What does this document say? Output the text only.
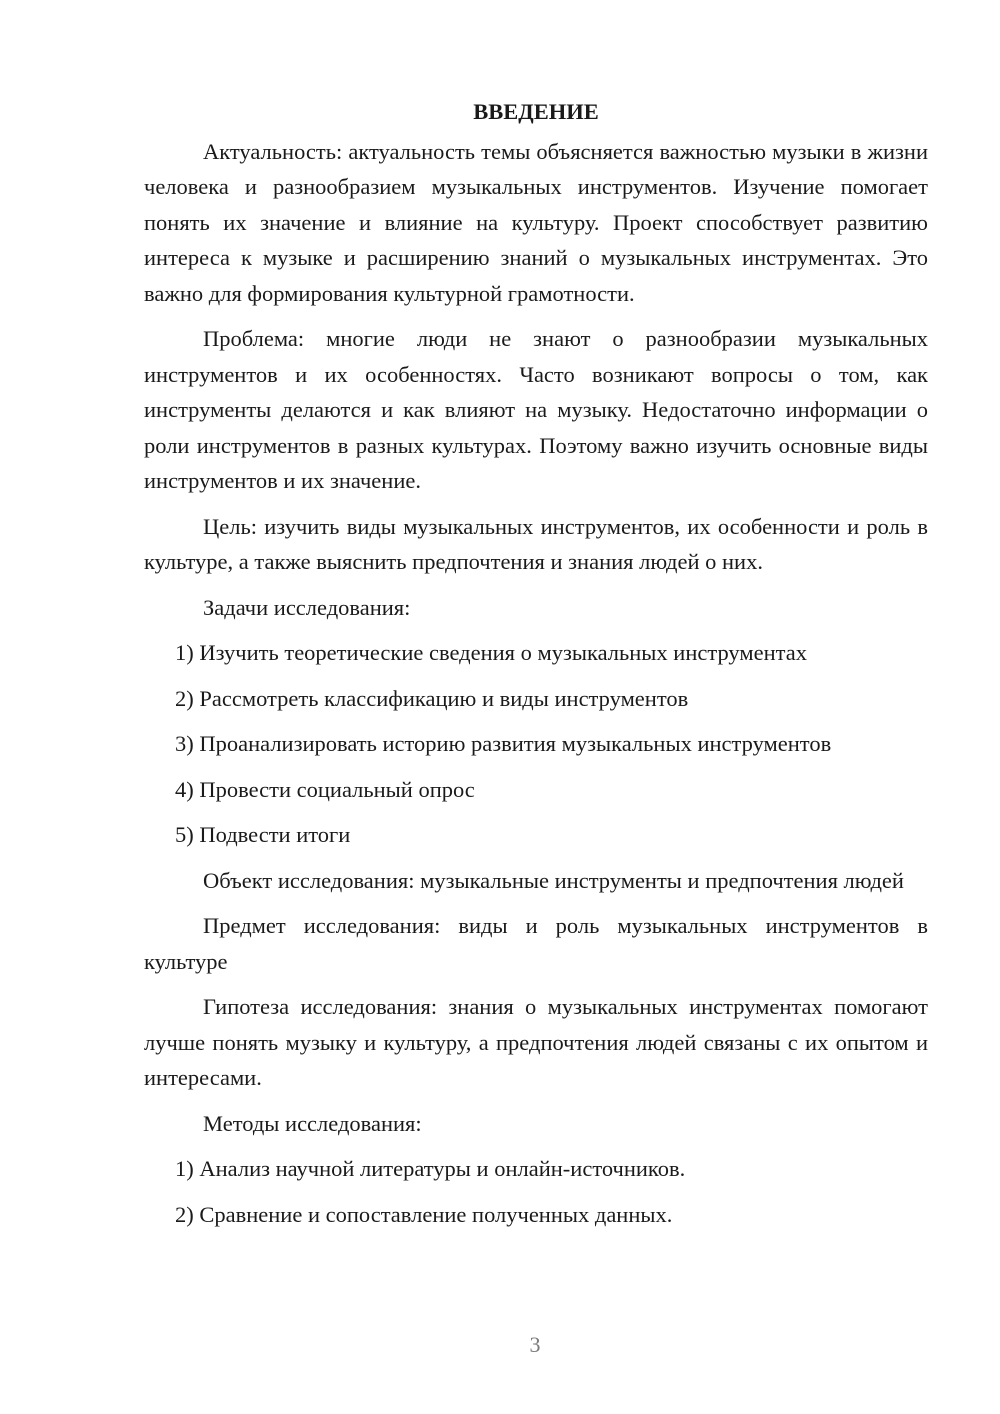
ВВЕДЕНИЕ

Актуальность: актуальность темы объясняется важностью музыки в жизни человека и разнообразием музыкальных инструментов. Изучение помогает понять их значение и влияние на культуру. Проект способствует развитию интереса к музыке и расширению знаний о музыкальных инструментах. Это важно для формирования культурной грамотности.

Проблема: многие люди не знают о разнообразии музыкальных инструментов и их особенностях. Часто возникают вопросы о том, как инструменты делаются и как влияют на музыку. Недостаточно информации о роли инструментов в разных культурах. Поэтому важно изучить основные виды инструментов и их значение.

Цель: изучить виды музыкальных инструментов, их особенности и роль в культуре, а также выяснить предпочтения и знания людей о них.

Задачи исследования:

1) Изучить теоретические сведения о музыкальных инструментах

2) Рассмотреть классификацию и виды инструментов

3) Проанализировать историю развития музыкальных инструментов

4) Провести социальный опрос

5) Подвести итоги

Объект исследования: музыкальные инструменты и предпочтения людей

Предмет исследования: виды и роль музыкальных инструментов в культуре

Гипотеза исследования: знания о музыкальных инструментах помогают лучше понять музыку и культуру, а предпочтения людей связаны с их опытом и интересами.

Методы исследования:

1) Анализ научной литературы и онлайн-источников.

2) Сравнение и сопоставление полученных данных.

3
